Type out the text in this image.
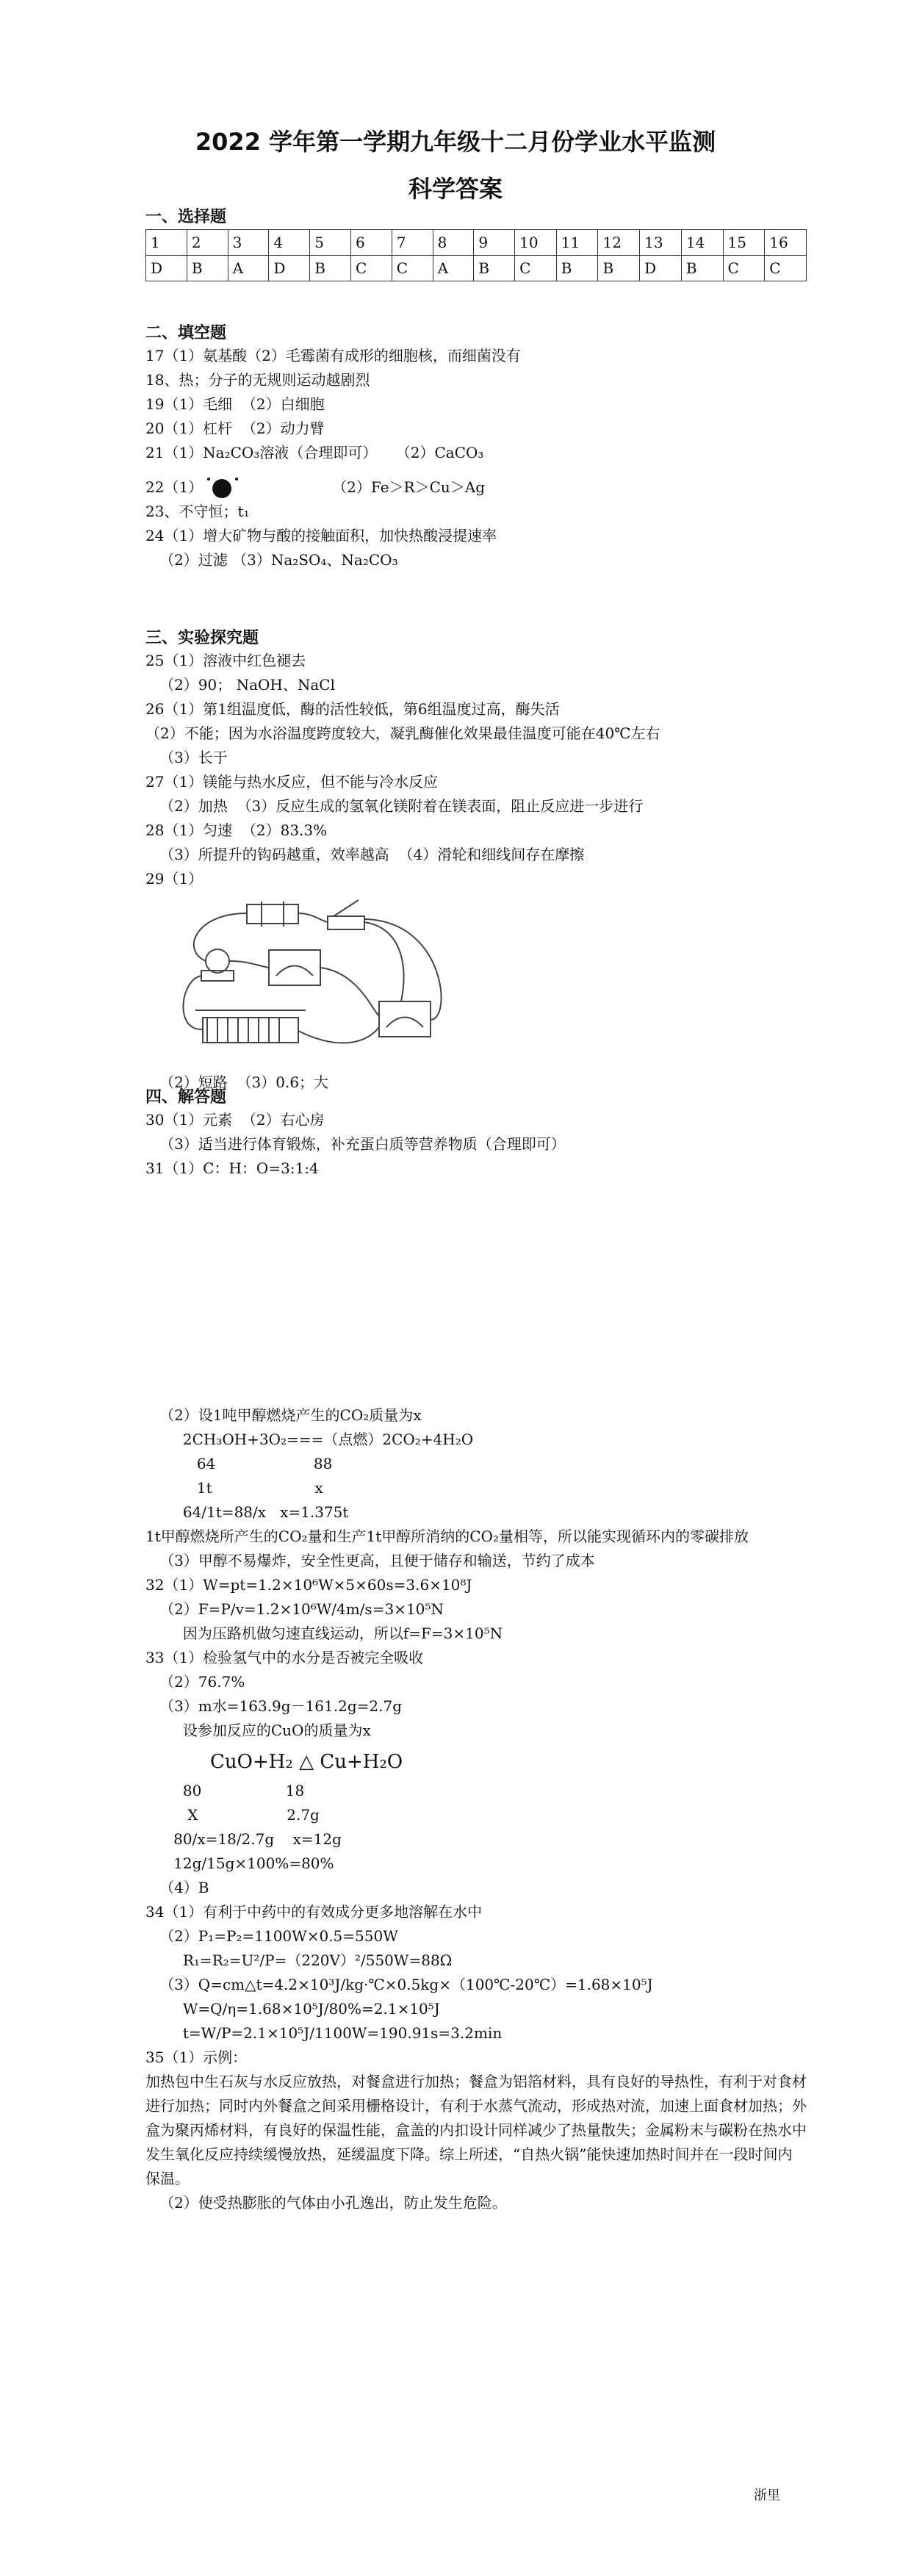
2022 学年第一学期九年级十二月份学业水平监测
科学答案
一、选择题
1	2	3	4	5	6	7	8	9	10	11	12	13	14	15	16
D	B	A	D	B	C	C	A	B	C	B	B	D	B	C	C
二、填空题
17（1）氨基酸（2）毛霉菌有成形的细胞核，而细菌没有
18、热；分子的无规则运动越剧烈
19（1）毛细  （2）白细胞
20（1）杠杆  （2）动力臂
21（1）Na₂CO₃溶液（合理即可）    （2）CaCO₃
22（1）	（2）Fe＞R＞Cu＞Ag
23、不守恒；t₁
24（1）增大矿物与酸的接触面积，加快热酸浸提速率
（2）过滤 （3）Na₂SO₄、Na₂CO₃
三、实验探究题
25（1）溶液中红色褪去
（2）90； NaOH、NaCl
26（1）第1组温度低，酶的活性较低，第6组温度过高，酶失活
（2）不能；因为水浴温度跨度较大，凝乳酶催化效果最佳温度可能在40℃左右
（3）长于
27（1）镁能与热水反应，但不能与冷水反应
（2）加热  （3）反应生成的氢氧化镁附着在镁表面，阻止反应进一步进行
28（1）匀速  （2）83.3%
（3）所提升的钩码越重，效率越高  （4）滑轮和细线间存在摩擦
29（1）
（2）短路  （3）0.6；大
四、解答题
30（1）元素  （2）右心房
（3）适当进行体育锻炼，补充蛋白质等营养物质（合理即可）
31（1）C：H：O=3:1:4
（2）设1吨甲醇燃烧产生的CO₂质量为x
2CH₃OH+3O₂===（点燃）2CO₂+4H₂O
64                     88
1t                      x
64/1t=88/x   x=1.375t
1t甲醇燃烧所产生的CO₂量和生产1t甲醇所消纳的CO₂量相等，所以能实现循环内的零碳排放
（3）甲醇不易爆炸，安全性更高，且便于储存和输送，节约了成本
32（1）W=pt=1.2×10⁶W×5×60s=3.6×10⁸J
（2）F=P/v=1.2×10⁶W/4m/s=3×10⁵N
因为压路机做匀速直线运动，所以f=F=3×10⁵N
33（1）检验氢气中的水分是否被完全吸收
（2）76.7%
（3）m水=163.9g－161.2g=2.7g
设参加反应的CuO的质量为x
CuO+H₂ △ Cu+H₂O
80                  18
X                   2.7g
80/x=18/2.7g    x=12g
12g/15g×100%=80%
（4）B
34（1）有利于中药中的有效成分更多地溶解在水中
（2）P₁=P₂=1100W×0.5=550W
R₁=R₂=U²/P=（220V）²/550W=88Ω
（3）Q=cm△t=4.2×10³J/kg·℃×0.5kg×（100℃-20℃）=1.68×10⁵J
W=Q/η=1.68×10⁵J/80%=2.1×10⁵J
t=W/P=2.1×10⁵J/1100W=190.91s=3.2min
35（1）示例：
加热包中生石灰与水反应放热，对餐盒进行加热；餐盒为铝箔材料，具有良好的导热性，有利于对食材进行加热；同时内外餐盒之间采用栅格设计，有利于水蒸气流动，形成热对流，加速上面食材加热；外盒为聚丙烯材料，有良好的保温性能，盒盖的内扣设计同样减少了热量散失；金属粉末与碳粉在热水中发生氧化反应持续缓慢放热，延缓温度下降。综上所述，“自热火锅”能快速加热时间并在一段时间内保温。
（2）使受热膨胀的气体由小孔逸出，防止发生危险。
浙里
